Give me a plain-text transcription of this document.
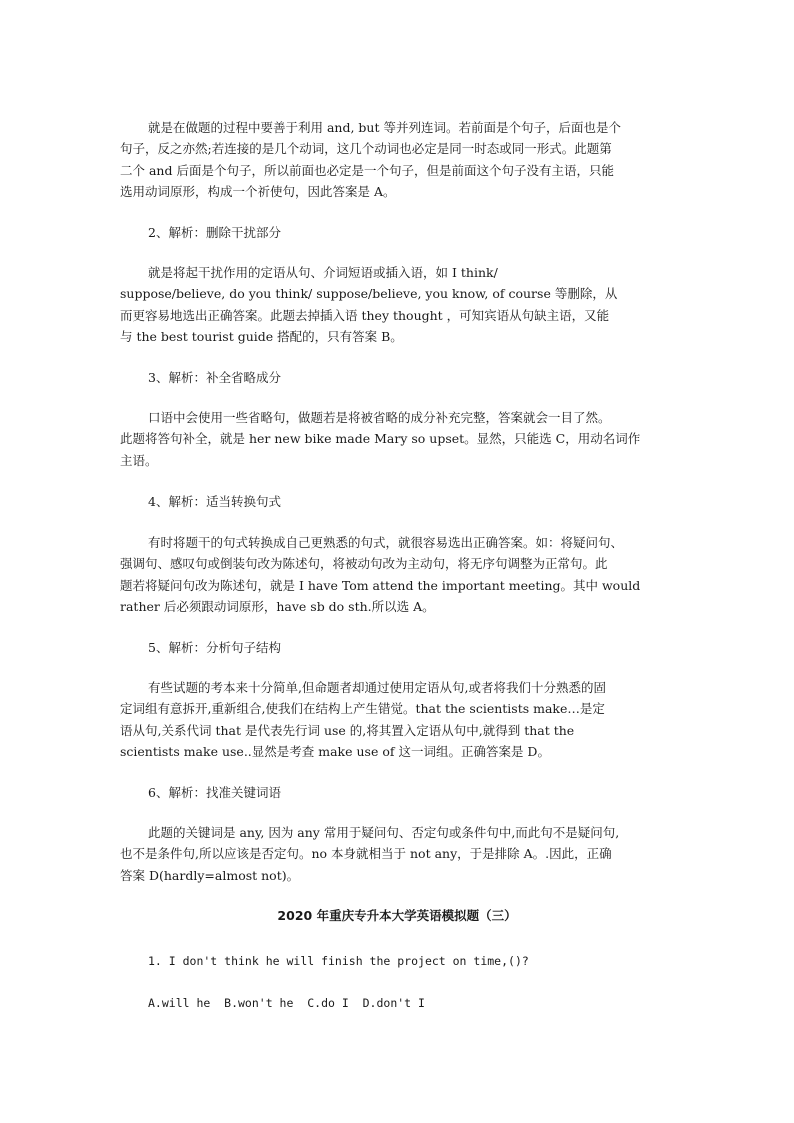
就是在做题的过程中要善于利用 and, but 等并列连词。若前面是个句子，后面也是个
句子，反之亦然;若连接的是几个动词，这几个动词也必定是同一时态或同一形式。此题第
二个 and 后面是个句子，所以前面也必定是一个句子，但是前面这个句子没有主语，只能
选用动词原形，构成一个祈使句，因此答案是 A。

2、解析：删除干扰部分

就是将起干扰作用的定语从句、介词短语或插入语，如 I think/
suppose/believe, do you think/ suppose/believe, you know, of course 等删除，从
而更容易地选出正确答案。此题去掉插入语 they thought ，可知宾语从句缺主语，又能
与 the best tourist guide 搭配的，只有答案 B。

3、解析：补全省略成分

口语中会使用一些省略句，做题若是将被省略的成分补充完整，答案就会一目了然。
此题将答句补全，就是 her new bike made Mary so upset。显然，只能选 C，用动名词作
主语。

4、解析：适当转换句式

有时将题干的句式转换成自己更熟悉的句式，就很容易选出正确答案。如：将疑问句、
强调句、感叹句或倒装句改为陈述句，将被动句改为主动句，将无序句调整为正常句。此
题若将疑问句改为陈述句，就是 I have Tom attend the important meeting。其中 would
rather 后必须跟动词原形，have sb do sth.所以选 A。

5、解析：分析句子结构

有些试题的考本来十分简单,但命题者却通过使用定语从句,或者将我们十分熟悉的固
定词组有意拆开,重新组合,使我们在结构上产生错觉。that the scientists make…是定
语从句,关系代词 that 是代表先行词 use 的,将其置入定语从句中,就得到 that the
scientists make use..显然是考查 make use of 这一词组。正确答案是 D。

6、解析：找准关键词语

此题的关键词是 any, 因为 any 常用于疑问句、否定句或条件句中,而此句不是疑问句,
也不是条件句,所以应该是否定句。no 本身就相当于 not any，于是排除 A。.因此，正确
答案 D(hardly=almost not)。

2020 年重庆专升本大学英语模拟题（三）

1. I don't think he will finish the project on time,()?

A.will he  B.won't he  C.do I  D.don't I
